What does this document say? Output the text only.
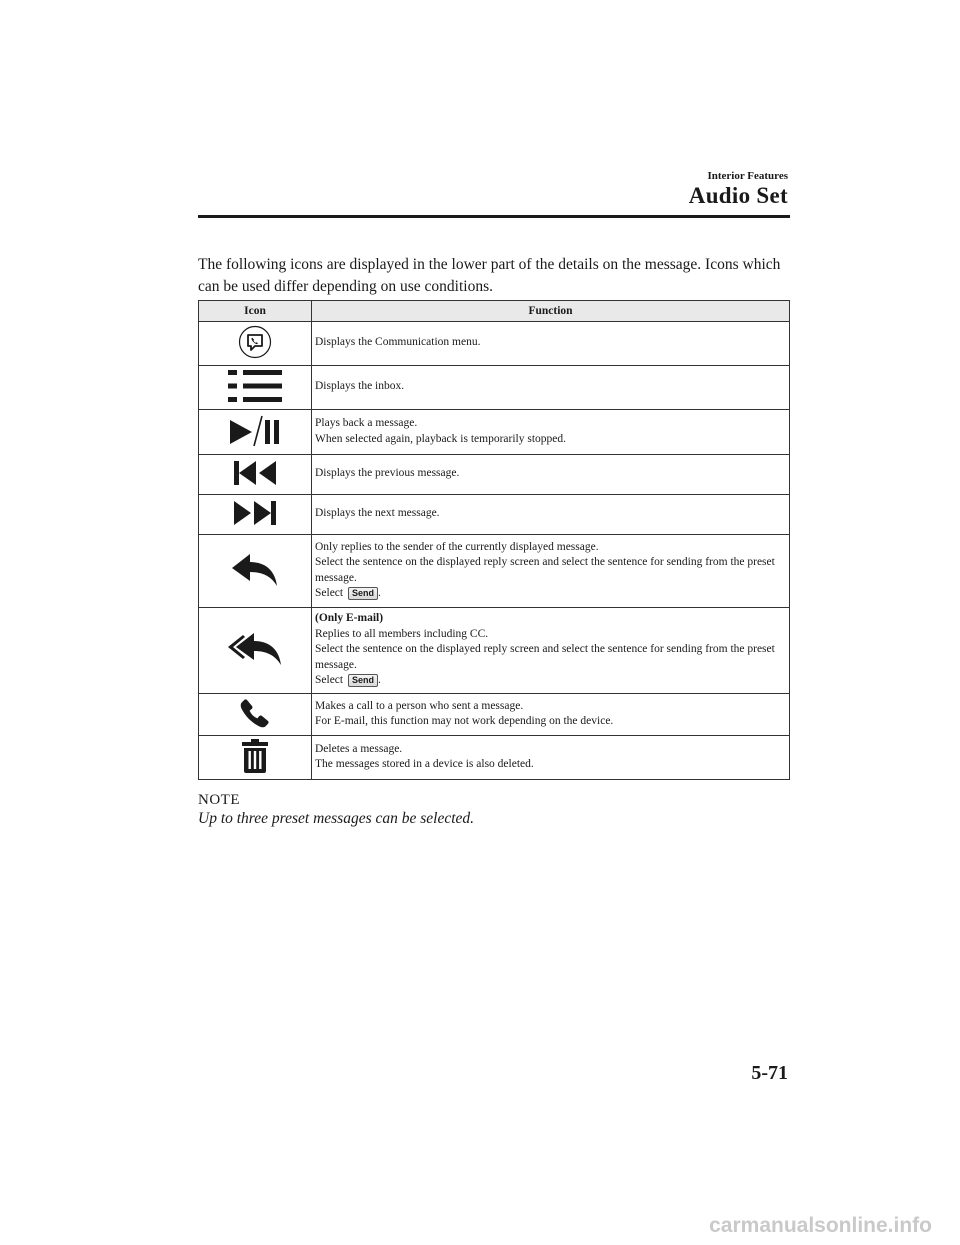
Interior Features
Audio Set
The following icons are displayed in the lower part of the details on the message. Icons which can be used differ depending on use conditions.
Icon	Function

Displays the Communication menu.

Displays the inbox.

Plays back a message.
When selected again, playback is temporarily stopped.

Displays the previous message.

Displays the next message.

Only replies to the sender of the currently displayed message.
Select the sentence on the displayed reply screen and select the sentence for sending from the preset message.
Select Send .

(Only E-mail)
Replies to all members including CC.
Select the sentence on the displayed reply screen and select the sentence for sending from the preset message.
Select Send .

Makes a call to a person who sent a message.
For E-mail, this function may not work depending on the device.

Deletes a message.
The messages stored in a device is also deleted.
NOTE
Up to three preset messages can be selected.
5-71
carmanualsonline.info
